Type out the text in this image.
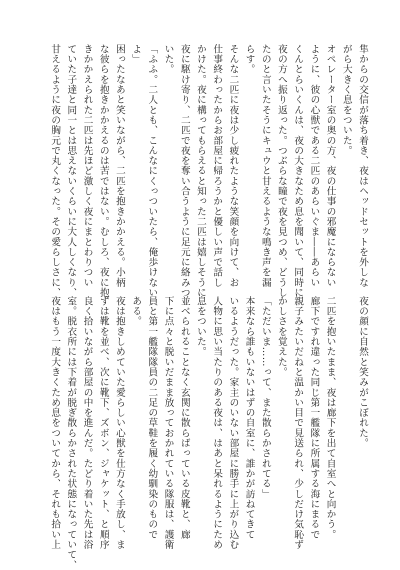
隼からの交信が落ち着き、夜はヘッドセットを外しな
がら大きく息をついた。
オペレーター室の奥の方、夜の仕事の邪魔にならない
ように、彼の心獣である二匹のあらいぐま――あらい
くんとらいくんは、夜の大きなため息を聞いて、同時に
夜の方へ振り返った。つぶらな瞳で夜を見つめ、どうし
たのと言いたそうにキュウと甘えるような鳴き声を漏
らす。
そんな二匹に夜は少し疲れたような笑顔を向けて、お
仕事終わったからお部屋に帰ろうかと優しい声で話し
かけた。夜に構ってもらえると知った二匹は嬉しそうに
夜に駆け寄り、二匹で夜を奪い合うように足元に絡みつ
いた。
「ふふ。二人とも、こんなにくっついたら、俺歩けない
よ」
困ったなあと笑いながら、二匹を抱きかかえる。小柄
な彼らを抱きかかえるのは苦ではない。むしろ、夜に抱
きかかえられた二匹は先ほど激しく夜にまとわりつい
ていた子達と同一とは思えないくらいに大人しくなり、
甘えるように夜の胸元で丸くなった。その愛らしさに、
夜の顔に自然と笑みがこぼれた。

二匹を抱いたまま、夜は廊下を出て自室へと向かう。
廊下ですれ違った同じ第一艦隊に所属する海にまるで
親子みたいだねと温かい目で見送られ、少しだけ気恥ず
かしさを覚えた。
「ただいま……って、また散らかされてる」
本来なら誰もいないはずの自室に、誰かが訪ねてきて
いるようだった。家主のいない部屋に勝手に上がり込む
人物に思い当たりのある夜は、はあと呆れるようにため
息をついた。
並べられることなく玄関に散らばっている皮靴と、廊
下に点々と脱いだまま放っておかれている隊服は、護衛
員と第一艦隊隊員の二足の草鞋を履く幼馴染のもので
ある。
夜は抱きしめていた愛らしい心獣を仕方なく手放し、ま
ずは靴を並べ、次に靴下、ズボン、ジャケット、と順序
良く拾いながら部屋の中を進んだ。たどり着いた先は浴
室。脱衣所には下着が脱ぎ散らかされた状態になっていて、
夜はもう一度大きくため息をついてから、それも拾い上
